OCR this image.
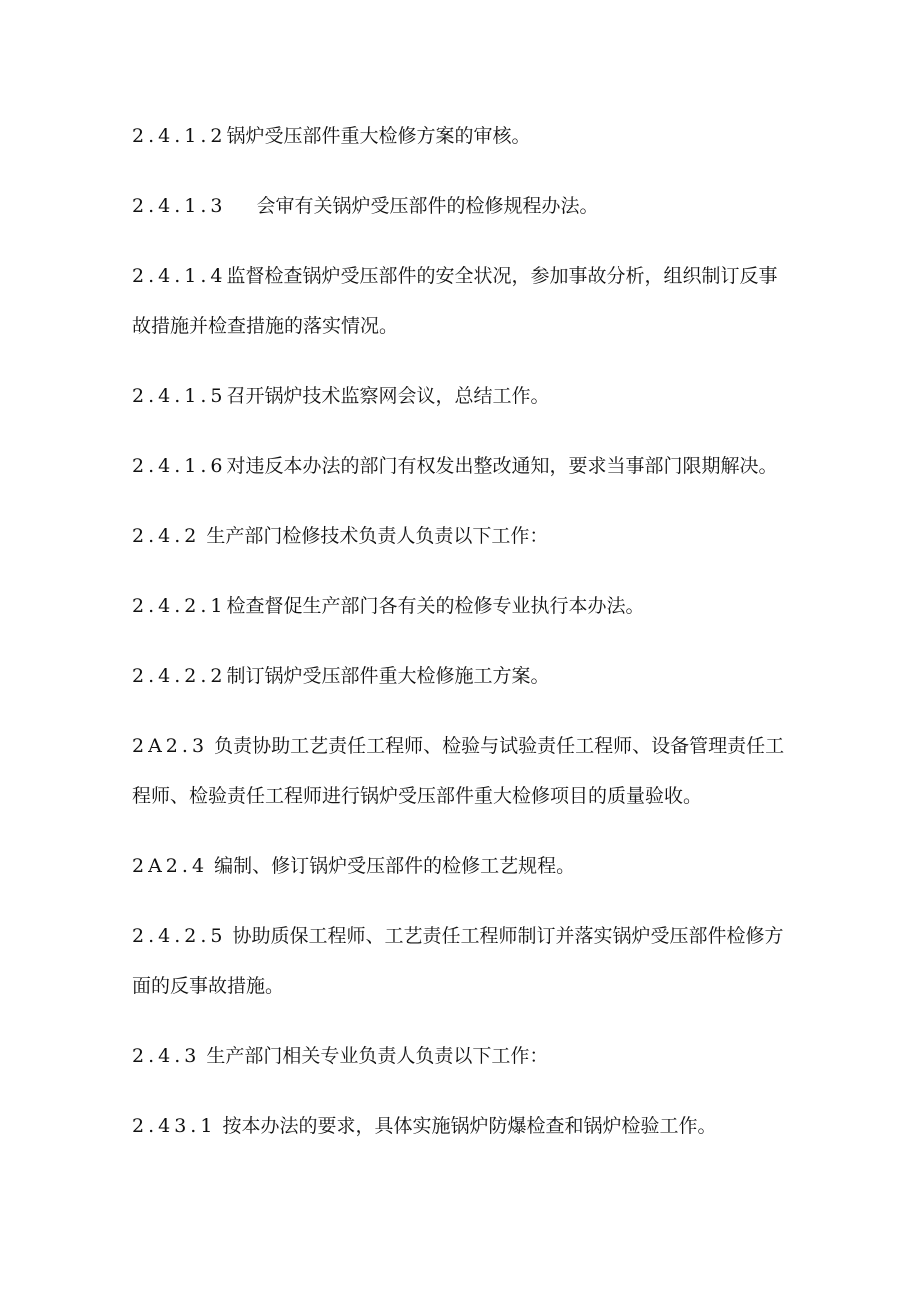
2.4.1.2锅炉受压部件重大检修方案的审核。
2.4.1.3 会审有关锅炉受压部件的检修规程办法。
2.4.1.4监督检查锅炉受压部件的安全状况，参加事故分析，组织制订反事
故措施并检查措施的落实情况。
2.4.1.5召开锅炉技术监察网会议，总结工作。
2.4.1.6对违反本办法的部门有权发出整改通知，要求当事部门限期解决。
2.4.2 生产部门检修技术负责人负责以下工作：
2.4.2.1检查督促生产部门各有关的检修专业执行本办法。
2.4.2.2制订锅炉受压部件重大检修施工方案。
2A2.3 负责协助工艺责任工程师、检验与试验责任工程师、设备管理责任工
程师、检验责任工程师进行锅炉受压部件重大检修项目的质量验收。
2A2.4 编制、修订锅炉受压部件的检修工艺规程。
2.4.2.5 协助质保工程师、工艺责任工程师制订并落实锅炉受压部件检修方
面的反事故措施。
2.4.3 生产部门相关专业负责人负责以下工作：
2.43.1 按本办法的要求，具体实施锅炉防爆检查和锅炉检验工作。
